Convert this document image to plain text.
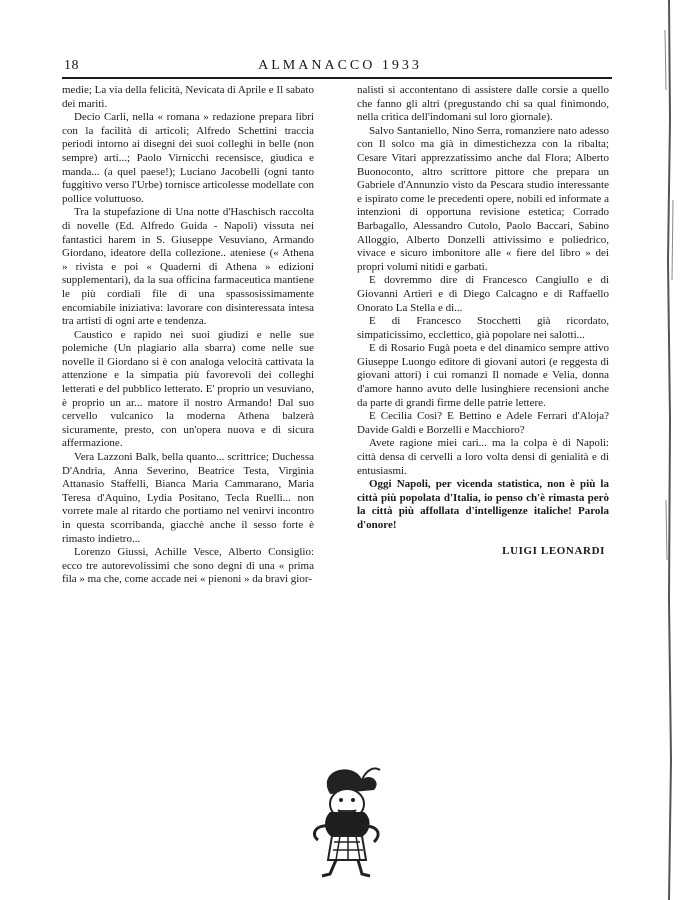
18	ALMANACCO 1933

medie; La via della felicità, Nevicata di Aprile e Il sabato dei mariti.

Decio Carli, nella « romana » redazione prepara libri con la facilità di articoli; Alfredo Schettini traccia periodi intorno ai disegni dei suoi colleghi in belle (non sempre) arti...; Paolo Virnicchi recensisce, giudica e manda... (a quel paese!); Luciano Jacobelli (ogni tanto fuggitivo verso l'Urbe) tornisce articolesse modellate con pollice voluttuoso.

Tra la stupefazione di Una notte d'Haschisch raccolta di novelle (Ed. Alfredo Guida - Napoli) vissuta nei fantastici harem in S. Giuseppe Vesuviano, Armando Giordano, ideatore della collezione.. ateniese (« Athena » rivista e poi « Quaderni di Athena » edizioni supplementari), da la sua officina farmaceutica mantiene le più cordiali file di una spassosissimamente encomiabile iniziativa: lavorare con disinteressata intesa tra artisti di ogni arte e tendenza.

Caustico e rapido nei suoi giudizi e nelle sue polemiche (Un plagiario alla sbarra) come nelle sue novelle il Giordano si è con analoga velocità cattivata la attenzione e la simpatia più favorevoli dei colleghi letterati e del pubblico letterato. E' proprio un vesuviano, è proprio un ar... matore il nostro Armando! Dal suo cervello vulcanico la moderna Athena balzerà sicuramente, presto, con un'opera nuova e di sicura affermazione.

Vera Lazzoni Balk, bella quanto... scrittrice; Duchessa D'Andria, Anna Severino, Beatrice Testa, Virginia Attanasio Staffelli, Bianca Maria Cammarano, Maria Teresa d'Aquino, Lydia Positano, Tecla Ruelli... non vorrete male al ritardo che portiamo nel venirvi incontro in questa scorribanda, giacchè anche il sesso forte è rimasto indietro...

Lorenzo Giussi, Achille Vesce, Alberto Consiglio: ecco tre autorevolissimi che sono degni di una « prima fila » ma che, come accade nei « pienoni » da bravi gior-

nalisti si accontentano di assistere dalle corsie a quello che fanno gli altri (pregustando chi sa qual finimondo, nella critica dell'indomani sul loro giornale).

Salvo Santaniello, Nino Serra, romanziere nato adesso con Il solco ma già in dimestichezza con la ribalta; Cesare Vitari apprezzatissimo anche dal Flora; Alberto Buonoconto, altro scrittore pittore che prepara un Gabriele d'Annunzio visto da Pescara studio interessante e ispirato come le precedenti opere, nobili ed informate a intenzioni di opportuna revisione estetica; Corrado Barbagallo, Alessandro Cutolo, Paolo Baccari, Sabino Alloggio, Alberto Donzelli attivissimo e poliedrico, vivace e sicuro imbonitore alle « fiere del libro » dei propri volumi nitidi e garbati.

E dovremmo dire di Francesco Cangiullo e di Giovanni Artieri e di Diego Calcagno e di Raffaello Onorato La Stella e di...

E di Francesco Stocchetti già ricordato, simpaticissimo, ecclettico, già popolare nei salotti...

E di Rosario Fugà poeta e del dinamico sempre attivo Giuseppe Luongo editore di giovani autori (e reggesta di giovani attori) i cui romanzi Il nomade e Velia, donna d'amore hanno avuto delle lusinghiere recensioni anche da parte di grandi firme delle patrie lettere.

E Cecilia Cosi? E Bettino e Adele Ferrari d'Aloja? Davide Galdi e Borzelli e Macchioro?

Avete ragione miei cari... ma la colpa è di Napoli: città densa di cervelli a loro volta densi di genialità e di entusiasmi.

Oggi Napoli, per vicenda statistica, non è più la città più popolata d'Italia, io penso ch'è rimasta però la città più affollata d'intelligenze italiche! Parola d'onore!

LUIGI LEONARDI
